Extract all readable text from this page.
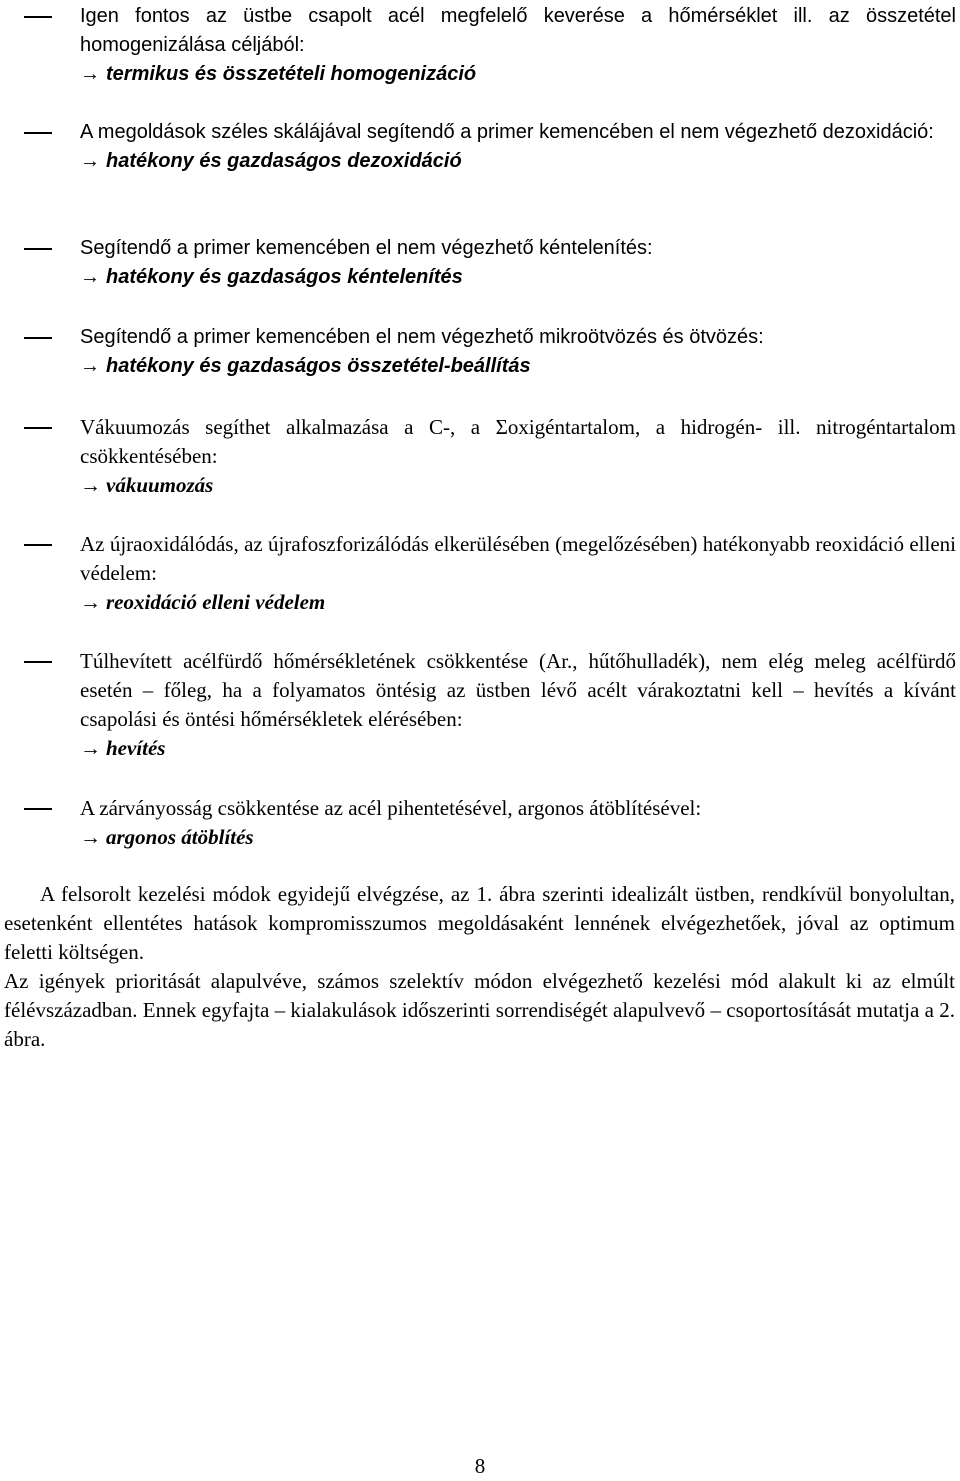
Igen fontos az üstbe csapolt acél megfelelő keverése a hőmérséklet ill. az összetétel homogenizálása céljából:
→ termikus és összetételi homogenizáció
A megoldások széles skálájával segítendő a primer kemencében el nem végezhető dezoxidáció:
→ hatékony és gazdaságos dezoxidáció
Segítendő a primer kemencében el nem végezhető kéntelenítés:
→ hatékony és gazdaságos kéntelenítés
Segítendő a primer kemencében el nem végezhető mikroötvözés és ötvözés:
→ hatékony és gazdaságos összetétel-beállítás
Vákuumozás segíthet alkalmazása a C-, a Σoxigéntartalom, a hidrogén- ill. nitrogéntartalom csökkentésében:
→ vákuumozás
Az újraoxidálódás, az újrafoszforizálódás elkerülésében (megelőzésében) hatékonyabb reoxidáció elleni védelem:
→ reoxidáció elleni védelem
Túlhevített acélfürdő hőmérsékletének csökkentése (Ar., hűtőhulladék), nem elég meleg acélfürdő esetén – főleg, ha a folyamatos öntésig az üstben lévő acélt várakoztatni kell – hevítés a kívánt csapolási és öntési hőmérsékletek elérésében:
→ hevítés
A zárványosság csökkentése az acél pihentetésével, argonos átöblítésével:
→ argonos átöblítés

A felsorolt kezelési módok egyidejű elvégzése, az 1. ábra szerinti idealizált üstben, rendkívül bonyolultan, esetenként ellentétes hatások kompromisszumos megoldásaként lennének elvégezhetőek, jóval az optimum feletti költségen.

Az igények prioritását alapulvéve, számos szelektív módon elvégezhető kezelési mód alakult ki az elmúlt félévszázadban. Ennek egyfajta – kialakulások időszerinti sorrendiségét alapulvevő – csoportosítását mutatja a 2. ábra.

8
